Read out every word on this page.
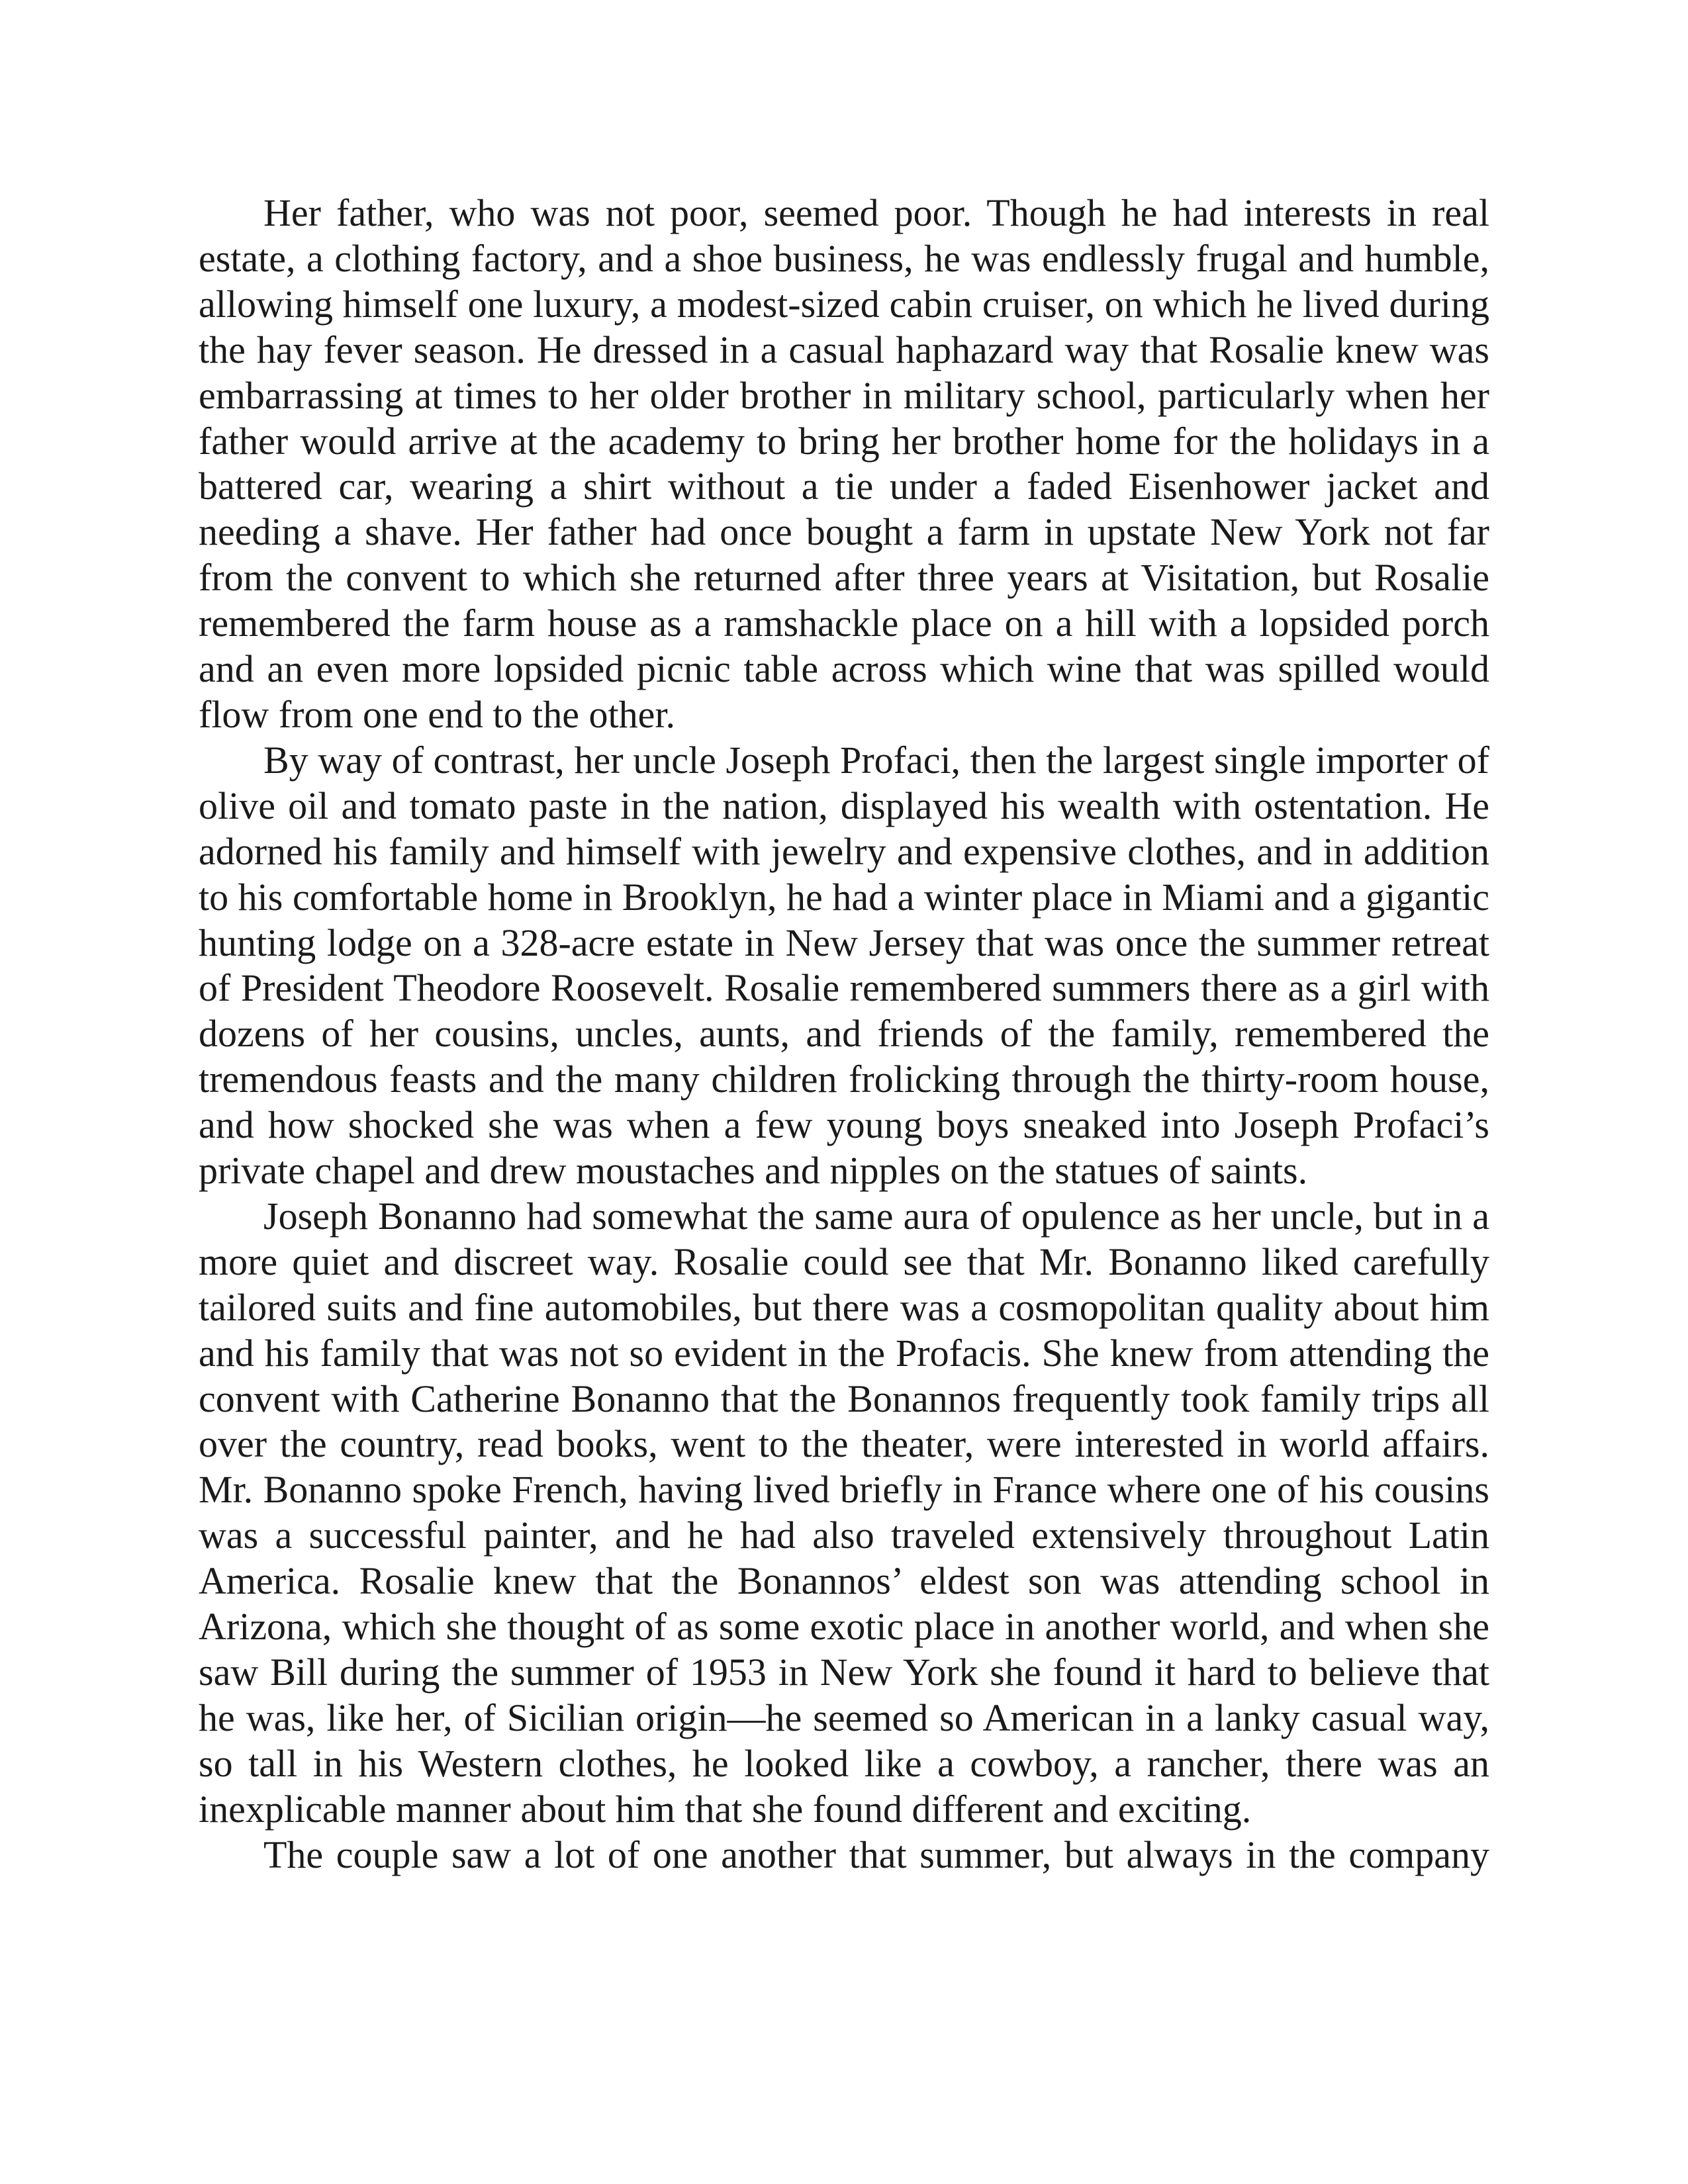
Her father, who was not poor, seemed poor. Though he had interests in real estate, a clothing factory, and a shoe business, he was endlessly frugal and humble, allowing himself one luxury, a modest-sized cabin cruiser, on which he lived during the hay fever season. He dressed in a casual haphazard way that Rosalie knew was embarrassing at times to her older brother in military school, particularly when her father would arrive at the academy to bring her brother home for the holidays in a battered car, wearing a shirt without a tie under a faded Eisenhower jacket and needing a shave. Her father had once bought a farm in upstate New York not far from the convent to which she returned after three years at Visitation, but Rosalie remembered the farm house as a ramshackle place on a hill with a lopsided porch and an even more lopsided picnic table across which wine that was spilled would flow from one end to the other.

By way of contrast, her uncle Joseph Profaci, then the largest single importer of olive oil and tomato paste in the nation, displayed his wealth with ostentation. He adorned his family and himself with jewelry and expensive clothes, and in addition to his comfortable home in Brooklyn, he had a winter place in Miami and a gigantic hunting lodge on a 328-acre estate in New Jersey that was once the summer retreat of President Theodore Roosevelt. Rosalie remembered summers there as a girl with dozens of her cousins, uncles, aunts, and friends of the family, remembered the tremendous feasts and the many children frolicking through the thirty-room house, and how shocked she was when a few young boys sneaked into Joseph Profaci’s private chapel and drew moustaches and nipples on the statues of saints.

Joseph Bonanno had somewhat the same aura of opulence as her uncle, but in a more quiet and discreet way. Rosalie could see that Mr. Bonanno liked carefully tailored suits and fine automobiles, but there was a cosmopolitan quality about him and his family that was not so evident in the Profacis. She knew from attending the convent with Catherine Bonanno that the Bonannos frequently took family trips all over the country, read books, went to the theater, were interested in world affairs. Mr. Bonanno spoke French, having lived briefly in France where one of his cousins was a successful painter, and he had also traveled extensively throughout Latin America. Rosalie knew that the Bonannos’ eldest son was attending school in Arizona, which she thought of as some exotic place in another world, and when she saw Bill during the summer of 1953 in New York she found it hard to believe that he was, like her, of Sicilian origin—he seemed so American in a lanky casual way, so tall in his Western clothes, he looked like a cowboy, a rancher, there was an inexplicable manner about him that she found different and exciting.

The couple saw a lot of one another that summer, but always in the company
